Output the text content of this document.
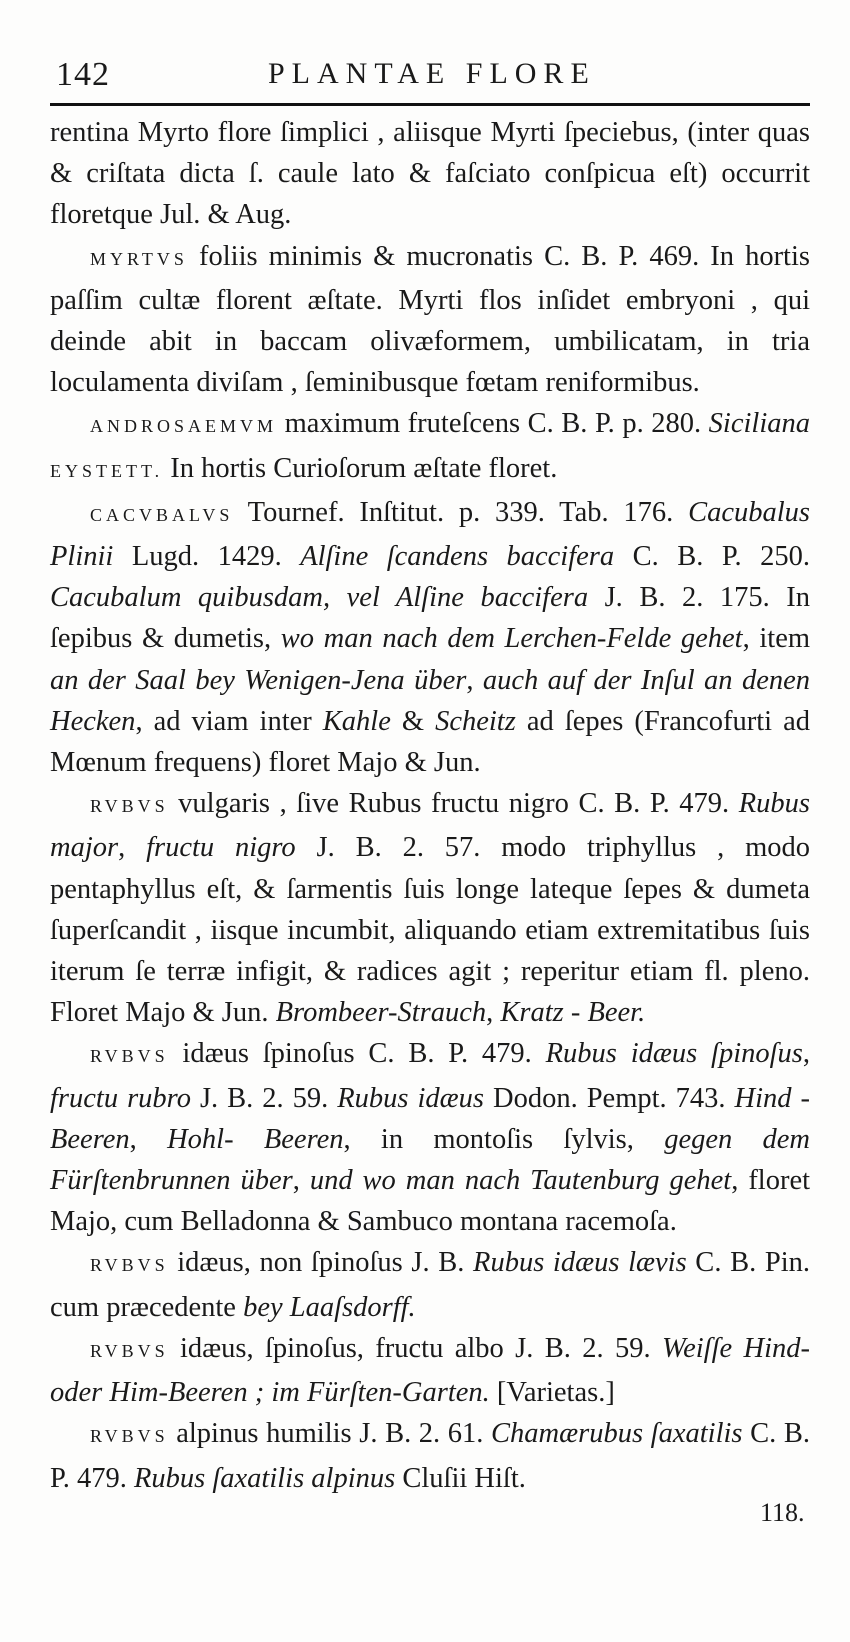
142	PLANTAE FLORE

rentina Myrto flore ſimplici , aliisque Myrti ſpeciebus, (inter quas & criſtata dicta ſ. caule lato & faſciato conſpicua eſt) occurrit floretque Jul. & Aug.

MYRTVS foliis minimis & mucronatis C. B. P. 469. In hortis paſſim cultæ florent æſtate. Myrti flos inſidet embryoni , qui deinde abit in baccam olivæformem, umbilicatam, in tria loculamenta diviſam , ſeminibusque fœtam reniformibus.

ANDROSAEMVM maximum fruteſcens C. B. P. p. 280. Siciliana EYSTETT. In hortis Curioſorum æſtate floret.

CACVBALVS Tournef. Inſtitut. p. 339. Tab. 176. Cacubalus Plinii Lugd. 1429. Alſine ſcandens baccifera C. B. P. 250. Cacubalum quibusdam, vel Alſine baccifera J. B. 2. 175. In ſepibus & dumetis, wo man nach dem Lerchen-Felde gehet, item an der Saal bey Wenigen-Jena über, auch auf der Inſul an denen Hecken, ad viam inter Kahle & Scheitz ad ſepes (Francofurti ad Mœnum frequens) floret Majo & Jun.

RVBVS vulgaris , ſive Rubus fructu nigro C. B. P. 479. Rubus major, fructu nigro J. B. 2. 57. modo triphyllus , modo pentaphyllus eſt, & ſarmentis ſuis longe lateque ſepes & dumeta ſuperſcandit , iisque incumbit, aliquando etiam extremitatibus ſuis iterum ſe terræ infigit, & radices agit ; reperitur etiam fl. pleno. Floret Majo & Jun. Brombeer-Strauch, Kratz - Beer.

RVBVS idæus ſpinoſus C. B. P. 479. Rubus idæus ſpinoſus, fructu rubro J. B. 2. 59. Rubus idæus Dodon. Pempt. 743. Hind - Beeren, Hohl- Beeren, in montoſis ſylvis, gegen dem Fürſtenbrunnen über, und wo man nach Tautenburg gehet, floret Majo, cum Belladonna & Sambuco montana racemoſa.

RVBVS idæus, non ſpinoſus J. B. Rubus idæus lævis C. B. Pin. cum præcedente bey Laaſsdorff.

RVBVS idæus, ſpinoſus, fructu albo J. B. 2. 59. Weiſſe Hind-oder Him-Beeren ; im Fürſten-Garten. [Varietas.]

RVBVS alpinus humilis J. B. 2. 61. Chamærubus ſaxatilis C. B. P. 479. Rubus ſaxatilis alpinus Cluſii Hiſt.

118.
